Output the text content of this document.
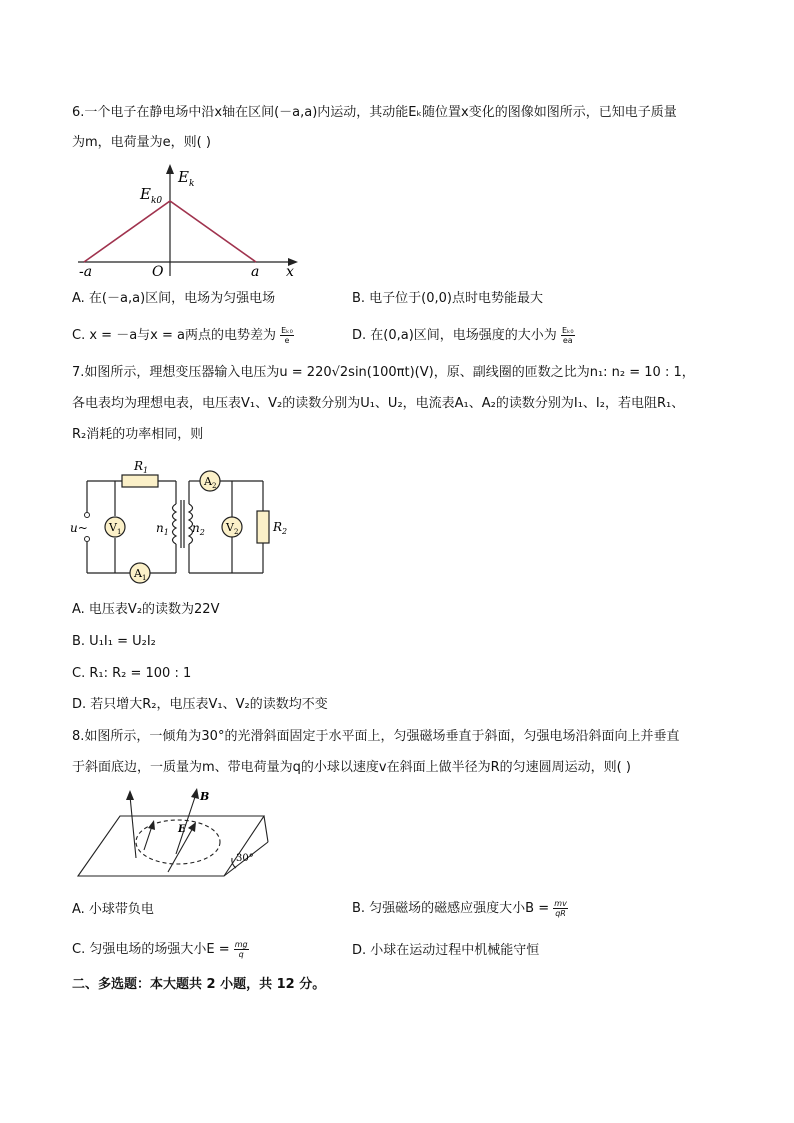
6.一个电子在静电场中沿x轴在区间(－a,a)内运动，其动能Eₖ随位置x变化的图像如图所示，已知电子质量
为m，电荷量为e，则( )
$E_k$
$E_{k0}$
-a	O	a x
A. 在(－a,a)区间，电场为匀强电场	B. 电子位于(0,0)点时电势能最大
C. x = －a与x = a两点的电势差为 $\frac{\text{Eₖ₀}}{e}$	D. 在(0,a)区间，电场强度的大小为 $\frac{\text{Eₖ₀}}{ea}$
7.如图所示，理想变压器输入电压为u = 220√2sin(100πt)(V)，原、副线圈的匝数之比为n₁: n₂ = 10 : 1，
各电表均为理想电表，电压表V₁、V₂的读数分别为U₁、U₂，电流表A₁、A₂的读数分别为I₁、I₂，若电阻R₁、
R₂消耗的功率相同，则
$R_1$
$R_2$
$V_1$	$V_2$
$A_1$
$A_2$
$n_1$ $n_2$
u~
A. 电压表V₂的读数为22V
B. U₁I₁ = U₂I₂
C. R₁: R₂ = 100 : 1
D. 若只增大R₂，电压表V₁、V₂的读数均不变
8.如图所示，一倾角为30°的光滑斜面固定于水平面上，匀强磁场垂直于斜面，匀强电场沿斜面向上并垂直
于斜面底边，一质量为m、带电荷量为q的小球以速度v在斜面上做半径为R的匀速圆周运动，则( )
B
E
30°
A. 小球带负电	B. 匀强磁场的磁感应强度大小$B = \frac{mv}{qR}$
C. 匀强电场的场强大小$E = \frac{mg}{q}$	D. 小球在运动过程中机械能守恒
二、多选题：本大题共 2 小题，共 12 分。
